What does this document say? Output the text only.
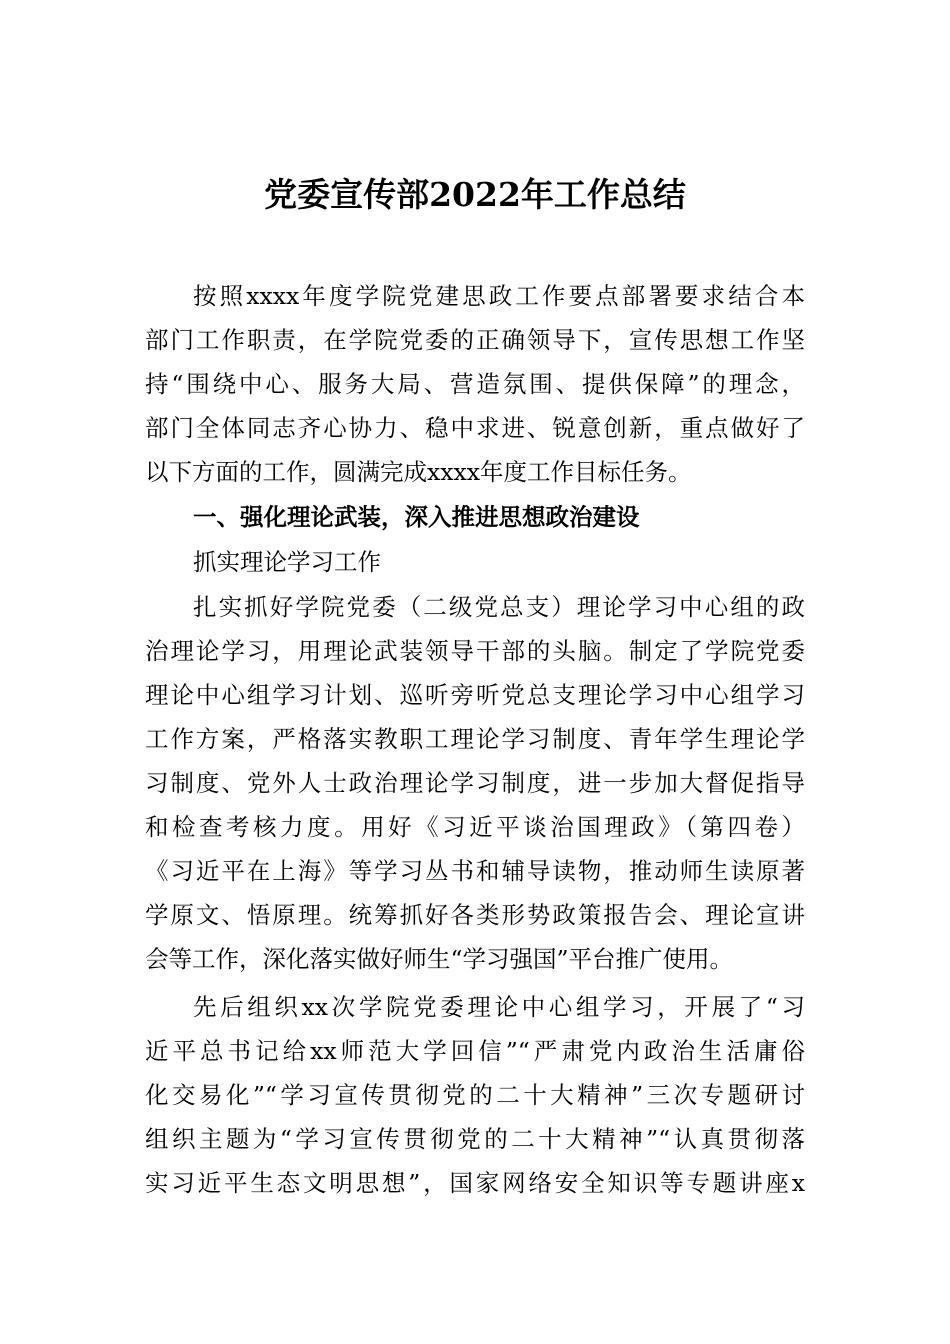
党委宣传部2022年工作总结
按照xxxx年度学院党建思政工作要点部署要求结合本
部门工作职责，在学院党委的正确领导下，宣传思想工作坚
持“围绕中心、服务大局、营造氛围、提供保障”的理念，
部门全体同志齐心协力、稳中求进、锐意创新，重点做好了
以下方面的工作，圆满完成xxxx年度工作目标任务。
一、强化理论武装，深入推进思想政治建设
抓实理论学习工作
扎实抓好学院党委（二级党总支）理论学习中心组的政
治理论学习，用理论武装领导干部的头脑。制定了学院党委
理论中心组学习计划、巡听旁听党总支理论学习中心组学习
工作方案，严格落实教职工理论学习制度、青年学生理论学
习制度、党外人士政治理论学习制度，进一步加大督促指导
和检查考核力度。用好《习近平谈治国理政》（第四卷）
《习近平在上海》等学习丛书和辅导读物，推动师生读原著
学原文、悟原理。统筹抓好各类形势政策报告会、理论宣讲
会等工作，深化落实做好师生“学习强国”平台推广使用。
先后组织xx次学院党委理论中心组学习，开展了“习
近平总书记给xx师范大学回信”“严肃党内政治生活庸俗
化交易化”“学习宣传贯彻党的二十大精神”三次专题研讨
组织主题为“学习宣传贯彻党的二十大精神”“认真贯彻落
实习近平生态文明思想”，国家网络安全知识等专题讲座x
